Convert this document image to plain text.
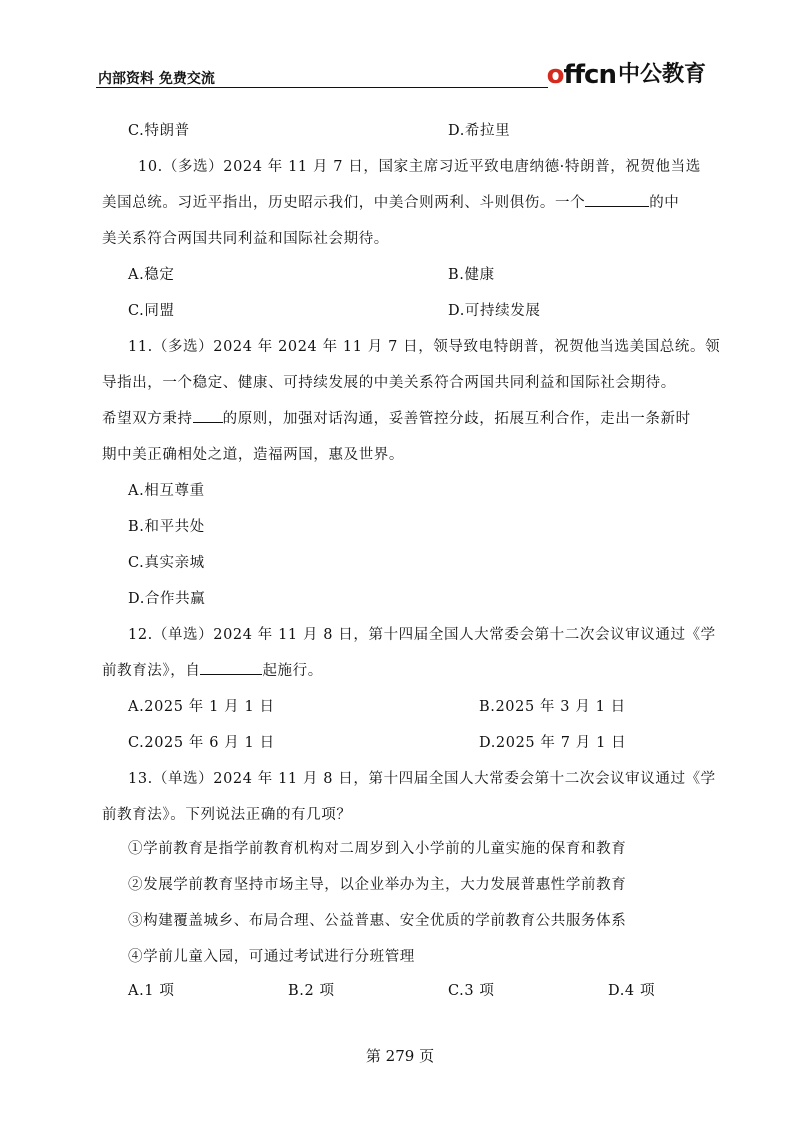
内部资料 免费交流	offcn 中公教育
C.特朗普	D.希拉里
10.（多选）2024 年 11 月 7 日，国家主席习近平致电唐纳德·特朗普，祝贺他当选
美国总统。习近平指出，历史昭示我们，中美合则两利、斗则俱伤。一个	的中
美关系符合两国共同利益和国际社会期待。
A.稳定	B.健康
C.同盟	D.可持续发展
11.（多选）2024 年 2024 年 11 月 7 日，领导致电特朗普，祝贺他当选美国总统。领
导指出，一个稳定、健康、可持续发展的中美关系符合两国共同利益和国际社会期待。
希望双方秉持 的原则，加强对话沟通，妥善管控分歧，拓展互利合作，走出一条新时
期中美正确相处之道，造福两国，惠及世界。
A.相互尊重
B.和平共处
C.真实亲城
D.合作共赢
12.（单选）2024 年 11 月 8 日，第十四届全国人大常委会第十二次会议审议通过《学
前教育法》，自	起施行。
A.2025 年 1 月 1 日	B.2025 年 3 月 1 日
C.2025 年 6 月 1 日	D.2025 年 7 月 1 日
13.（单选）2024 年 11 月 8 日，第十四届全国人大常委会第十二次会议审议通过《学
前教育法》。下列说法正确的有几项？
①学前教育是指学前教育机构对二周岁到入小学前的儿童实施的保育和教育
②发展学前教育坚持市场主导，以企业举办为主，大力发展普惠性学前教育
③构建覆盖城乡、布局合理、公益普惠、安全优质的学前教育公共服务体系
④学前儿童入园，可通过考试进行分班管理
A.1 项	B.2 项	C.3 项	D.4 项
第 279 页
